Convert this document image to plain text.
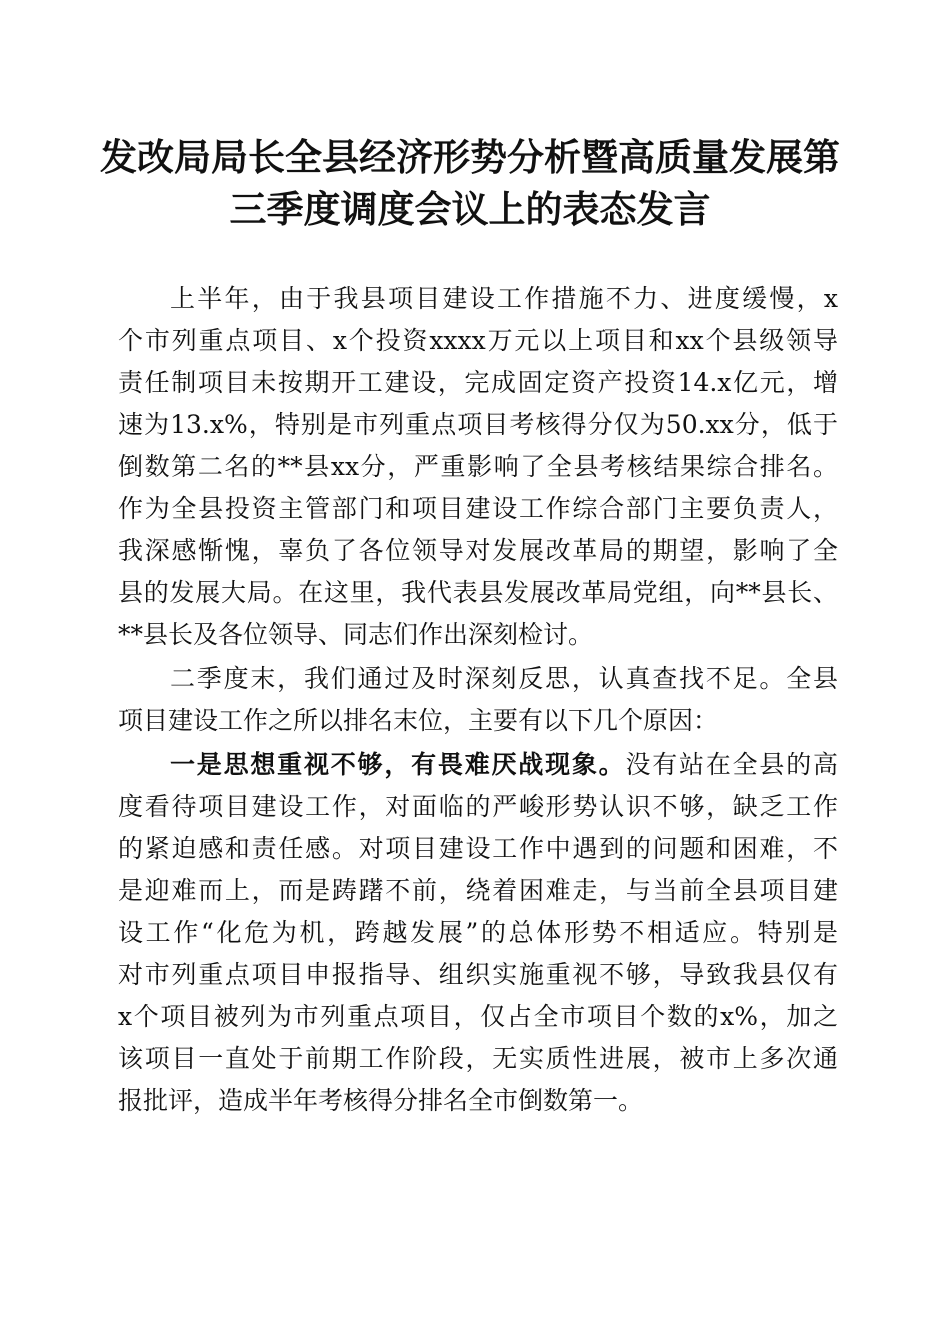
发改局局长全县经济形势分析暨高质量发展第
三季度调度会议上的表态发言
上半年，由于我县项目建设工作措施不力、进度缓慢，x
个市列重点项目、x个投资xxxx万元以上项目和xx个县级领导
责任制项目未按期开工建设，完成固定资产投资14.x亿元，增
速为13.x%，特别是市列重点项目考核得分仅为50.xx分，低于
倒数第二名的**县xx分，严重影响了全县考核结果综合排名。
作为全县投资主管部门和项目建设工作综合部门主要负责人，
我深感惭愧，辜负了各位领导对发展改革局的期望，影响了全
县的发展大局。在这里，我代表县发展改革局党组，向**县长、
**县长及各位领导、同志们作出深刻检讨。
二季度末，我们通过及时深刻反思，认真查找不足。全县
项目建设工作之所以排名末位，主要有以下几个原因：
一是思想重视不够，有畏难厌战现象。没有站在全县的高
度看待项目建设工作，对面临的严峻形势认识不够，缺乏工作
的紧迫感和责任感。对项目建设工作中遇到的问题和困难，不
是迎难而上，而是踌躇不前，绕着困难走，与当前全县项目建
设工作“化危为机，跨越发展”的总体形势不相适应。特别是
对市列重点项目申报指导、组织实施重视不够，导致我县仅有
x个项目被列为市列重点项目，仅占全市项目个数的x%，加之
该项目一直处于前期工作阶段，无实质性进展，被市上多次通
报批评，造成半年考核得分排名全市倒数第一。
